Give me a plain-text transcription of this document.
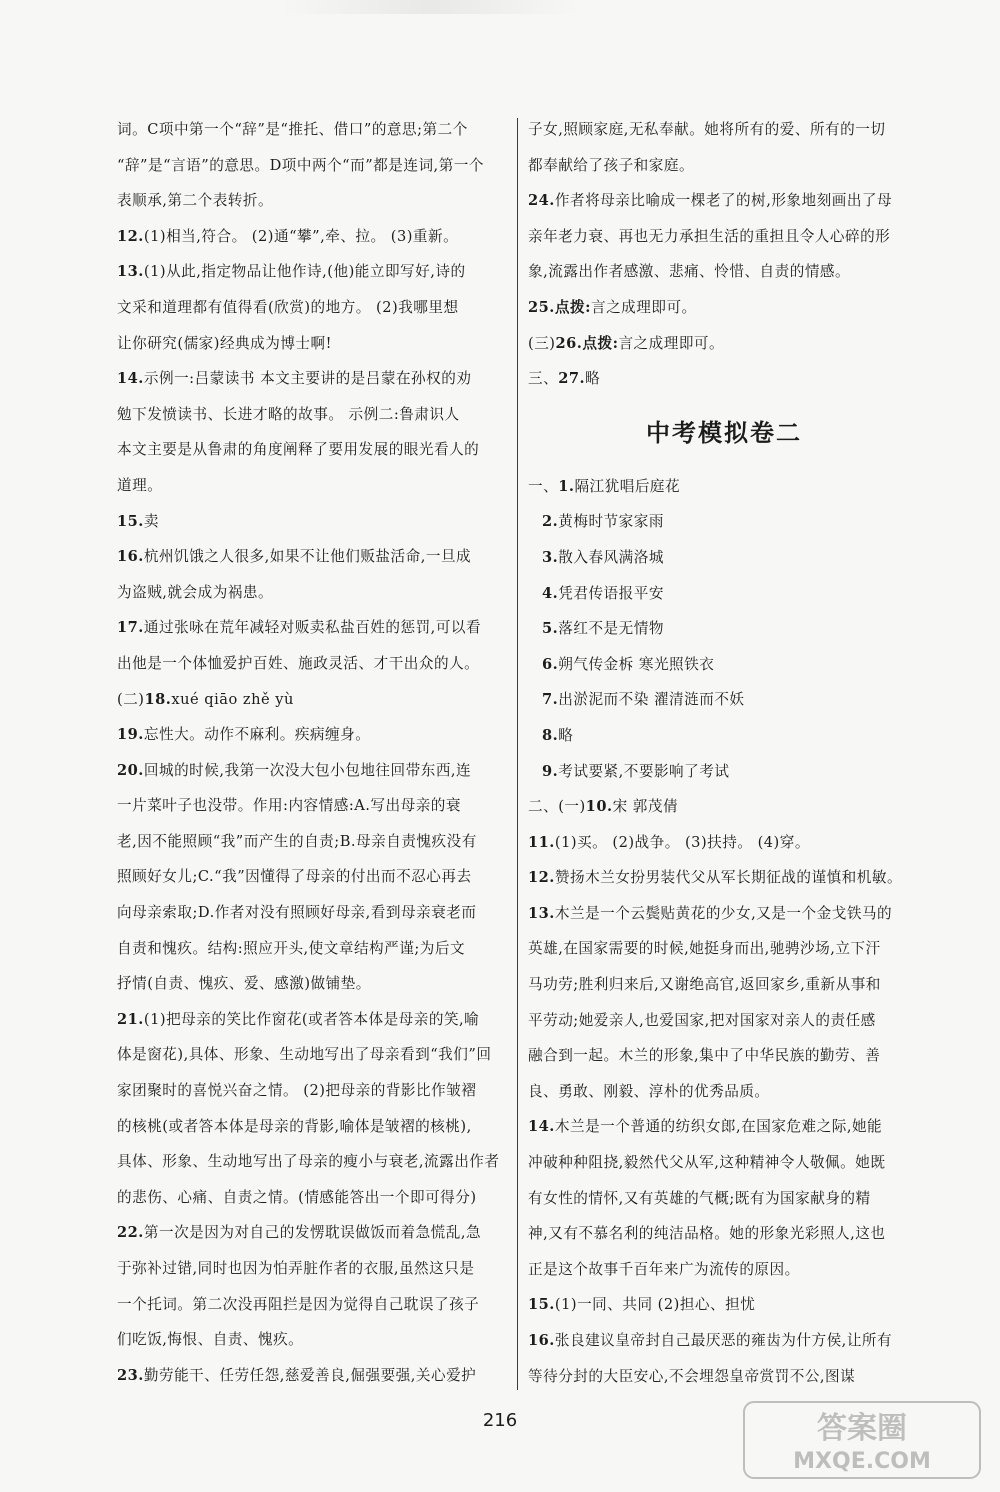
词。C项中第一个“辞”是“推托、借口”的意思;第二个
“辞”是“言语”的意思。D项中两个“而”都是连词,第一个
表顺承,第二个表转折。
12.(1)相当,符合。 (2)通“攀”,牵、拉。 (3)重新。
13.(1)从此,指定物品让他作诗,(他)能立即写好,诗的
文采和道理都有值得看(欣赏)的地方。 (2)我哪里想
让你研究(儒家)经典成为博士啊!
14.示例一:吕蒙读书 本文主要讲的是吕蒙在孙权的劝
勉下发愤读书、长进才略的故事。 示例二:鲁肃识人
本文主要是从鲁肃的角度阐释了要用发展的眼光看人的
道理。
15.卖
16.杭州饥饿之人很多,如果不让他们贩盐活命,一旦成
为盗贼,就会成为祸患。
17.通过张咏在荒年减轻对贩卖私盐百姓的惩罚,可以看
出他是一个体恤爱护百姓、施政灵活、才干出众的人。
(二)18.xué qiāo zhě yù
19.忘性大。动作不麻利。疾病缠身。
20.回城的时候,我第一次没大包小包地往回带东西,连
一片菜叶子也没带。作用:内容情感:A.写出母亲的衰
老,因不能照顾“我”而产生的自责;B.母亲自责愧疚没有
照顾好女儿;C.“我”因懂得了母亲的付出而不忍心再去
向母亲索取;D.作者对没有照顾好母亲,看到母亲衰老而
自责和愧疚。结构:照应开头,使文章结构严谨;为后文
抒情(自责、愧疚、爱、感激)做铺垫。
21.(1)把母亲的笑比作窗花(或者答本体是母亲的笑,喻
体是窗花),具体、形象、生动地写出了母亲看到“我们”回
家团聚时的喜悦兴奋之情。 (2)把母亲的背影比作皱褶
的核桃(或者答本体是母亲的背影,喻体是皱褶的核桃),
具体、形象、生动地写出了母亲的瘦小与衰老,流露出作者
的悲伤、心痛、自责之情。(情感能答出一个即可得分)
22.第一次是因为对自己的发愣耽误做饭而着急慌乱,急
于弥补过错,同时也因为怕弄脏作者的衣服,虽然这只是
一个托词。第二次没再阻拦是因为觉得自己耽误了孩子
们吃饭,悔恨、自责、愧疚。
23.勤劳能干、任劳任怨,慈爱善良,倔强要强,关心爱护
子女,照顾家庭,无私奉献。她将所有的爱、所有的一切
都奉献给了孩子和家庭。
24.作者将母亲比喻成一棵老了的树,形象地刻画出了母
亲年老力衰、再也无力承担生活的重担且令人心碎的形
象,流露出作者感激、悲痛、怜惜、自责的情感。
25.点拨:言之成理即可。
(三)26.点拨:言之成理即可。
三、27.略
中考模拟卷二
一、1.隔江犹唱后庭花
2.黄梅时节家家雨
3.散入春风满洛城
4.凭君传语报平安
5.落红不是无情物
6.朔气传金柝 寒光照铁衣
7.出淤泥而不染 濯清涟而不妖
8.略
9.考试要紧,不要影响了考试
二、(一)10.宋 郭茂倩
11.(1)买。 (2)战争。 (3)扶持。 (4)穿。
12.赞扬木兰女扮男装代父从军长期征战的谨慎和机敏。
13.木兰是一个云鬓贴黄花的少女,又是一个金戈铁马的
英雄,在国家需要的时候,她挺身而出,驰骋沙场,立下汗
马功劳;胜利归来后,又谢绝高官,返回家乡,重新从事和
平劳动;她爱亲人,也爱国家,把对国家对亲人的责任感
融合到一起。木兰的形象,集中了中华民族的勤劳、善
良、勇敢、刚毅、淳朴的优秀品质。
14.木兰是一个普通的纺织女郎,在国家危难之际,她能
冲破种种阻挠,毅然代父从军,这种精神令人敬佩。她既
有女性的情怀,又有英雄的气概;既有为国家献身的精
神,又有不慕名利的纯洁品格。她的形象光彩照人,这也
正是这个故事千百年来广为流传的原因。
15.(1)一同、共同 (2)担心、担忧
16.张良建议皇帝封自己最厌恶的雍齿为什方侯,让所有
等待分封的大臣安心,不会埋怨皇帝赏罚不公,图谋
216	答案圈
MXQE.COM
